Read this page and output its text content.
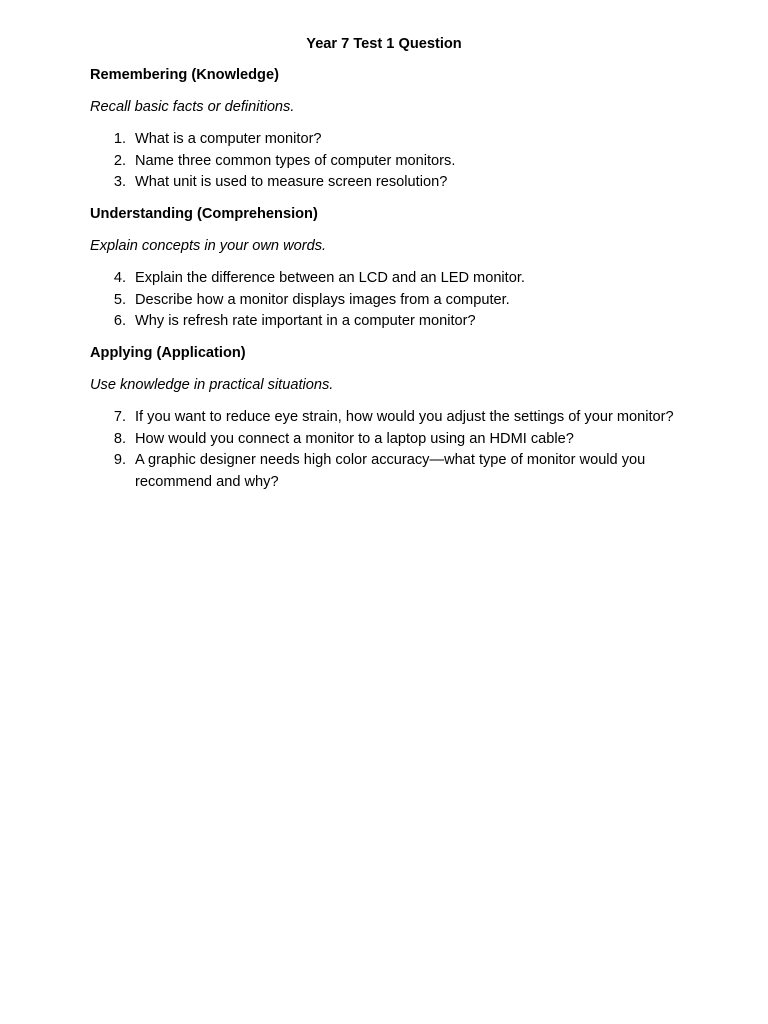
Year 7 Test 1 Question

Remembering (Knowledge)

Recall basic facts or definitions.

1. What is a computer monitor?
2. Name three common types of computer monitors.
3. What unit is used to measure screen resolution?

Understanding (Comprehension)

Explain concepts in your own words.

4. Explain the difference between an LCD and an LED monitor.
5. Describe how a monitor displays images from a computer.
6. Why is refresh rate important in a computer monitor?

Applying (Application)

Use knowledge in practical situations.

7. If you want to reduce eye strain, how would you adjust the settings of your monitor?
8. How would you connect a monitor to a laptop using an HDMI cable?
9. A graphic designer needs high color accuracy—what type of monitor would you recommend and why?
